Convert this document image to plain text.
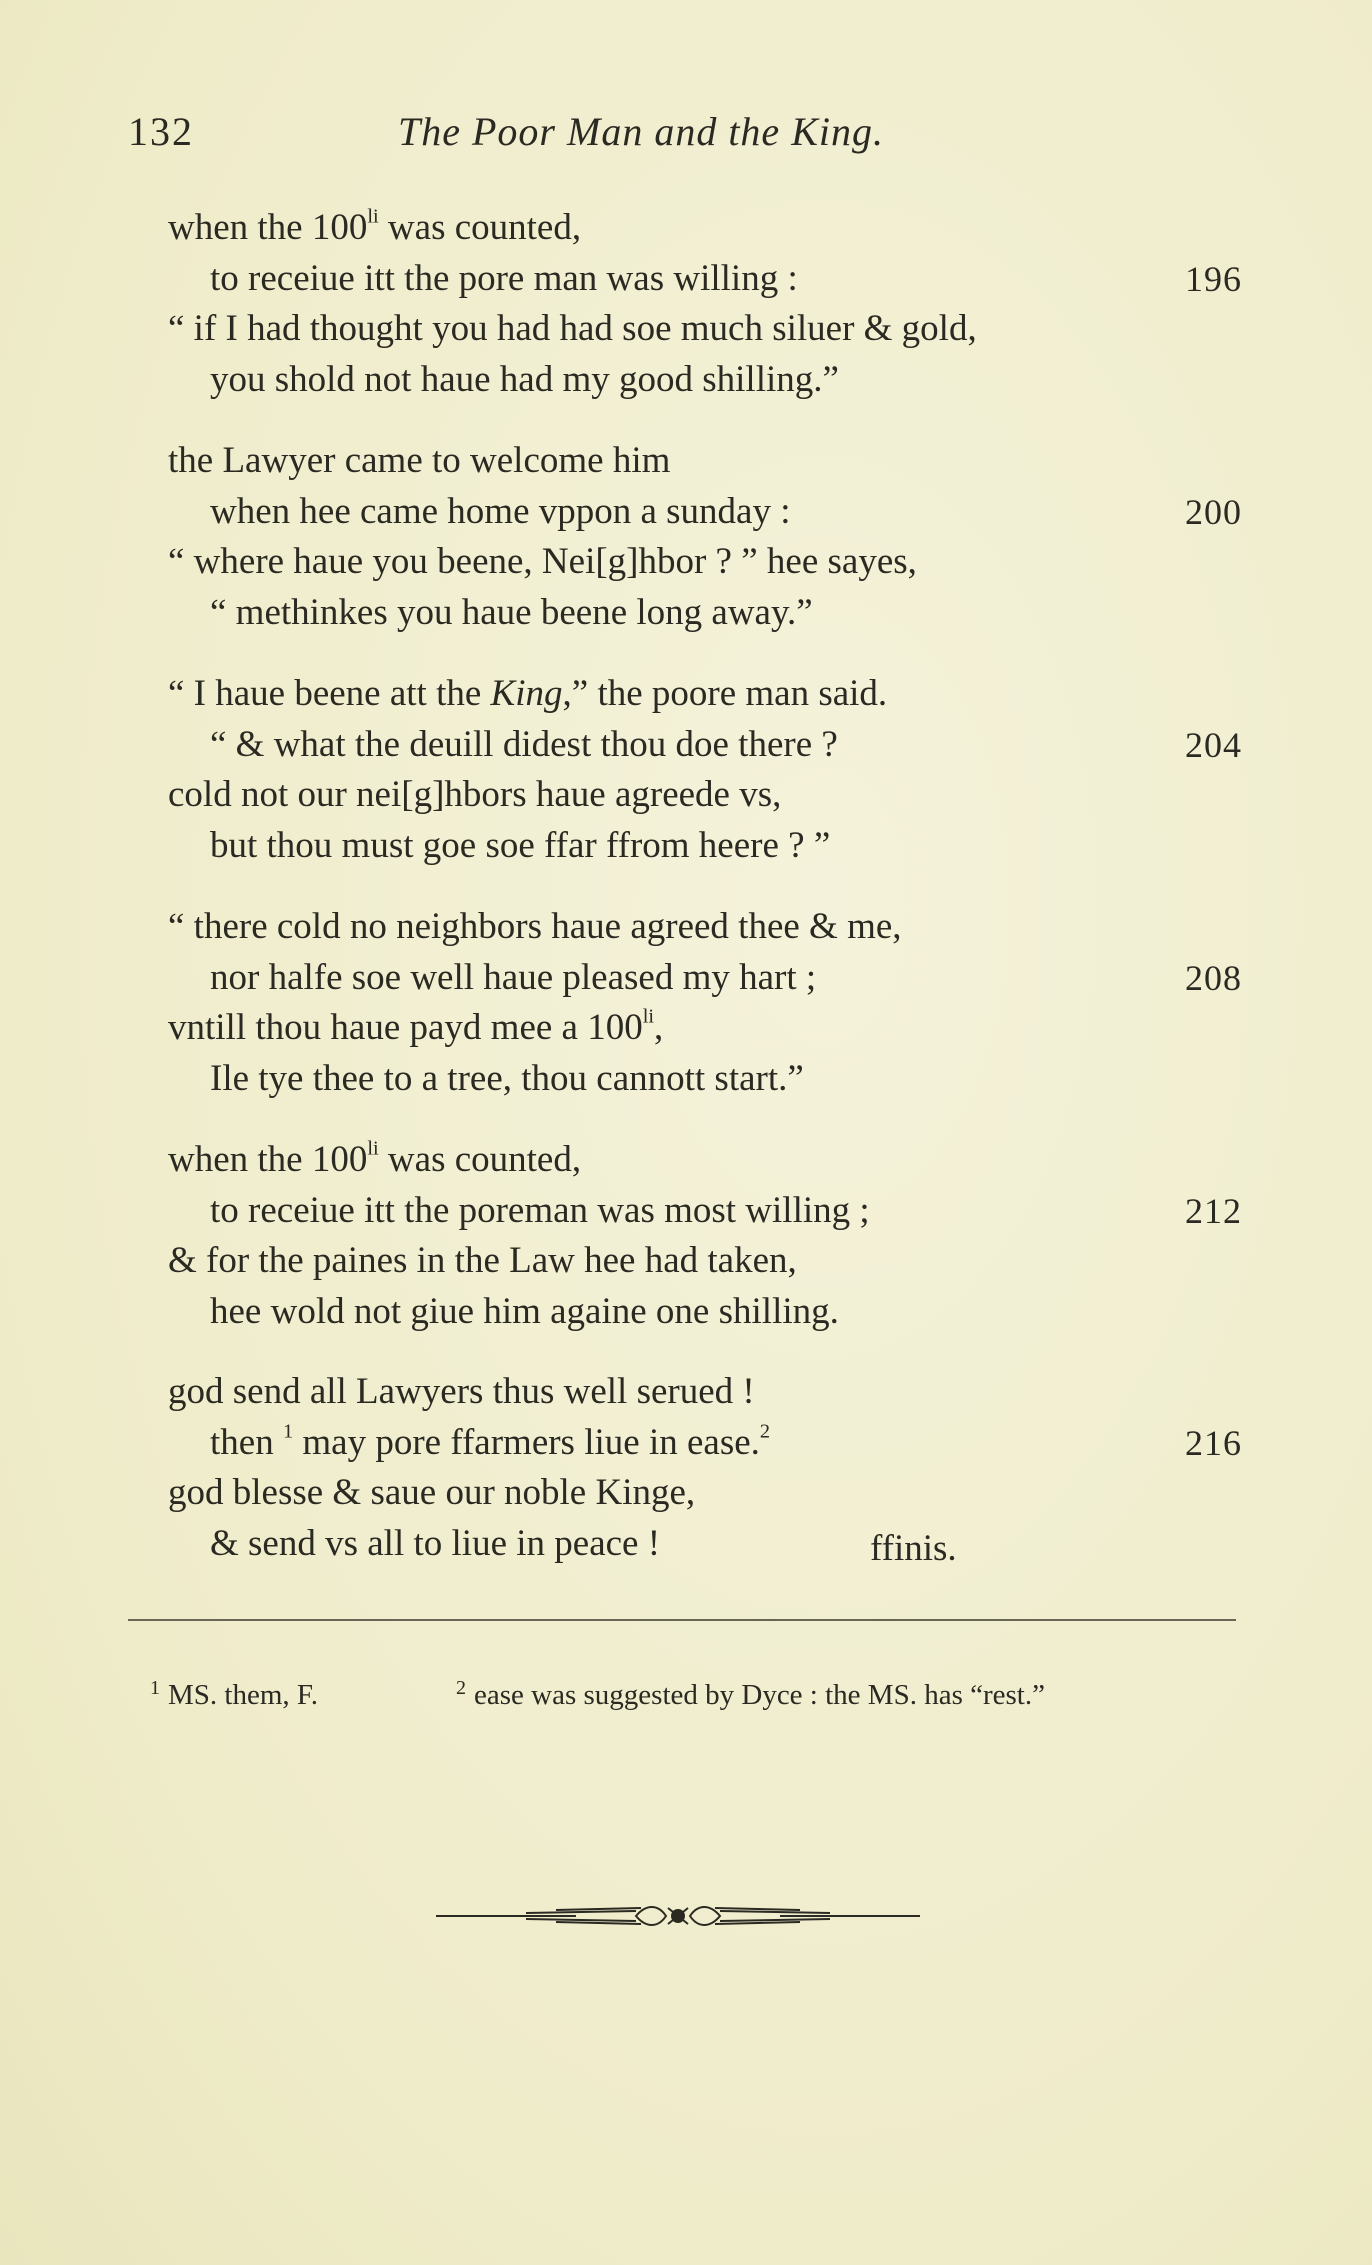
132	The Poor Man and the King.
when the $100^{li}$ was counted,
to receiue itt the pore man was willing :	196
“ if I had thought you had had soe much siluer & gold,
you shold not haue had my good shilling.”
the Lawyer came to welcome him
when hee came home vppon a sunday :	200
“ where haue you beene, Nei[g]hbor ? ” hee sayes,
“ methinkes you haue beene long away.”
“ I haue beene att the King,” the poore man said.
“ & what the deuill didest thou doe there ?	204
cold not our nei[g]hbors haue agreede vs,
but thou must goe soe ffar ffrom heere ? ”
“ there cold no neighbors haue agreed thee & me,
nor halfe soe well haue pleased my hart ;	208
vntill thou haue payd mee a $100^{li}$,
Ile tye thee to a tree, thou cannott start.”
when the $100^{li}$ was counted,
to receiue itt the poreman was most willing ;	212
& for the paines in the Law hee had taken,
hee wold not giue him againe one shilling.
god send all Lawyers thus well serued !
then $^1$ may pore ffarmers liue in ease.$^2$	216
god blesse & saue our noble Kinge,
& send vs all to liue in peace !	ffinis.
$^1$ MS. them, F.	$^2$ ease was suggested by Dyce : the MS. has “rest.”
